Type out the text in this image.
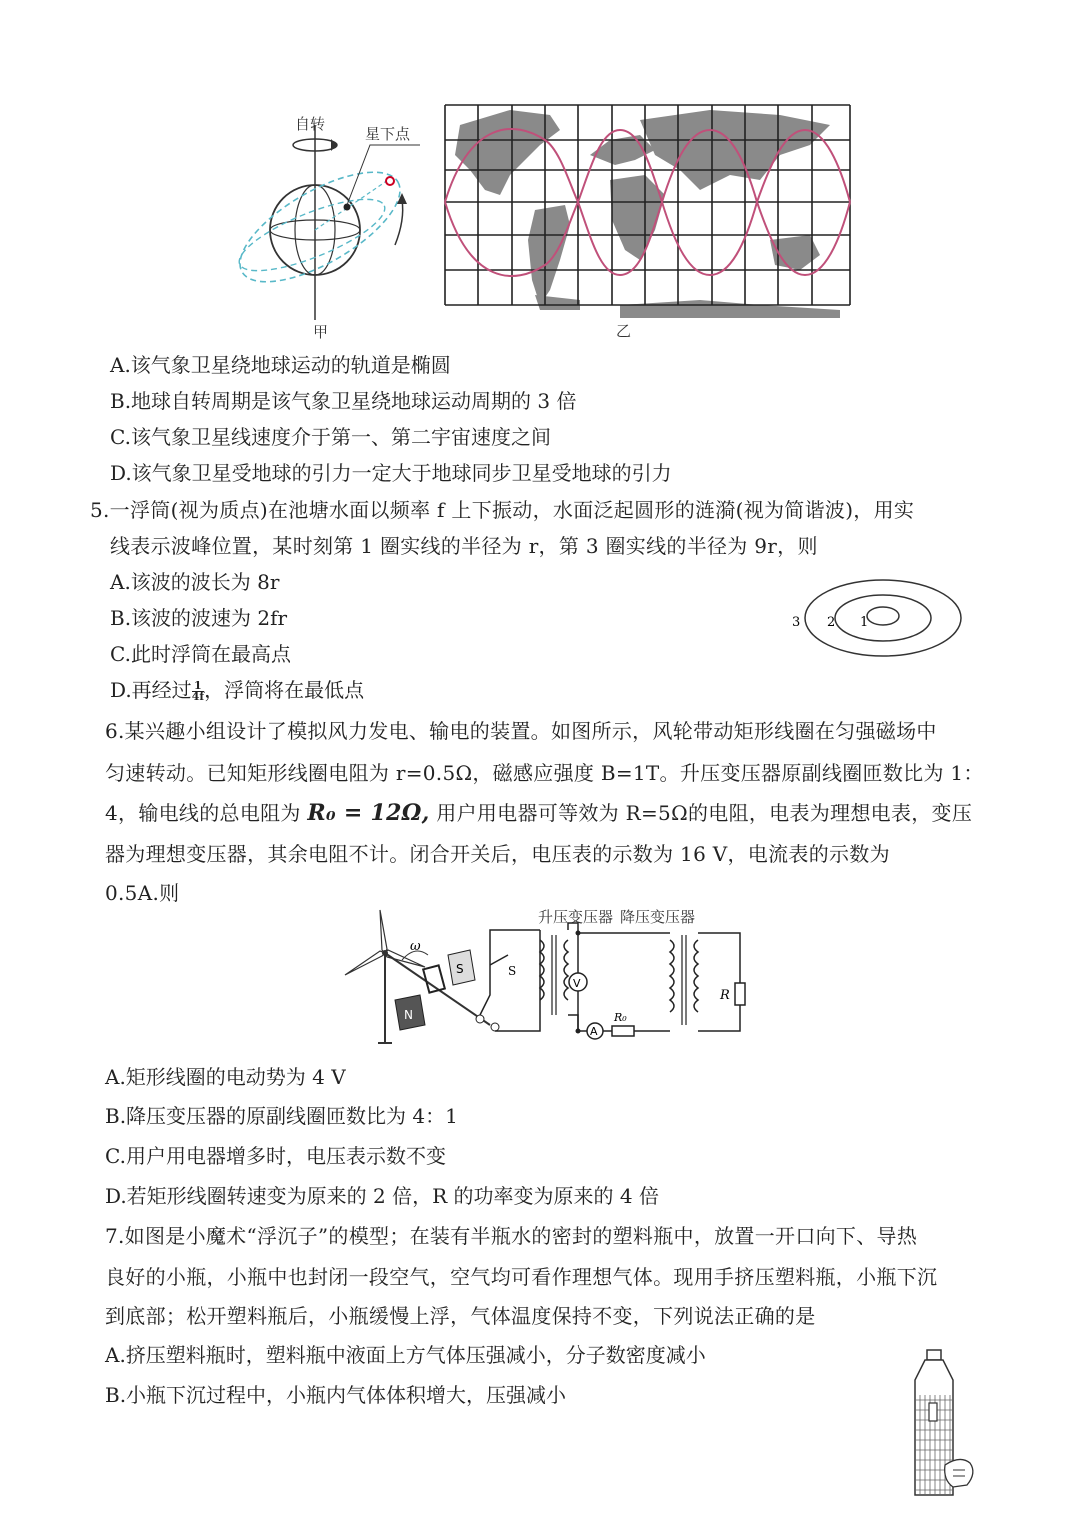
自转
星下点
甲	乙
A.该气象卫星绕地球运动的轨道是椭圆
B.地球自转周期是该气象卫星绕地球运动周期的 3 倍
C.该气象卫星线速度介于第一、第二宇宙速度之间
D.该气象卫星受地球的引力一定大于地球同步卫星受地球的引力
5.一浮筒(视为质点)在池塘水面以频率 f 上下振动，水面泛起圆形的涟漪(视为简谐波)，用实
线表示波峰位置，某时刻第 1 圈实线的半径为 r，第 3 圈实线的半径为 9r，则
A.该波的波长为 8r
B.该波的波速为 2fr
C.此时浮筒在最高点
D.再经过 $\frac{1}{4f}$ ，浮筒将在最低点
1
2
3
6.某兴趣小组设计了模拟风力发电、输电的装置。如图所示，风轮带动矩形线圈在匀强磁场中
匀速转动。已知矩形线圈电阻为 r=0.5Ω，磁感应强度 B=1T。升压变压器原副线圈匝数比为 1：
4，输电线的总电阻为 R₀ = 12Ω, 用户用电器可等效为 R=5Ω的电阻，电表为理想电表，变压
器为理想变压器，其余电阻不计。闭合开关后，电压表的示数为 16 V，电流表的示数为
0.5A.则
ω
N
S	S
升压变压器
V
A
R₀
降压变压器
R
A.矩形线圈的电动势为 4 V
B.降压变压器的原副线圈匝数比为 4：1
C.用户用电器增多时，电压表示数不变
D.若矩形线圈转速变为原来的 2 倍，R 的功率变为原来的 4 倍
7.如图是小魔术“浮沉子”的模型；在装有半瓶水的密封的塑料瓶中，放置一开口向下、导热
良好的小瓶，小瓶中也封闭一段空气，空气均可看作理想气体。现用手挤压塑料瓶，小瓶下沉
到底部；松开塑料瓶后，小瓶缓慢上浮，气体温度保持不变，下列说法正确的是
A.挤压塑料瓶时，塑料瓶中液面上方气体压强减小，分子数密度减小
B.小瓶下沉过程中，小瓶内气体体积增大，压强减小
